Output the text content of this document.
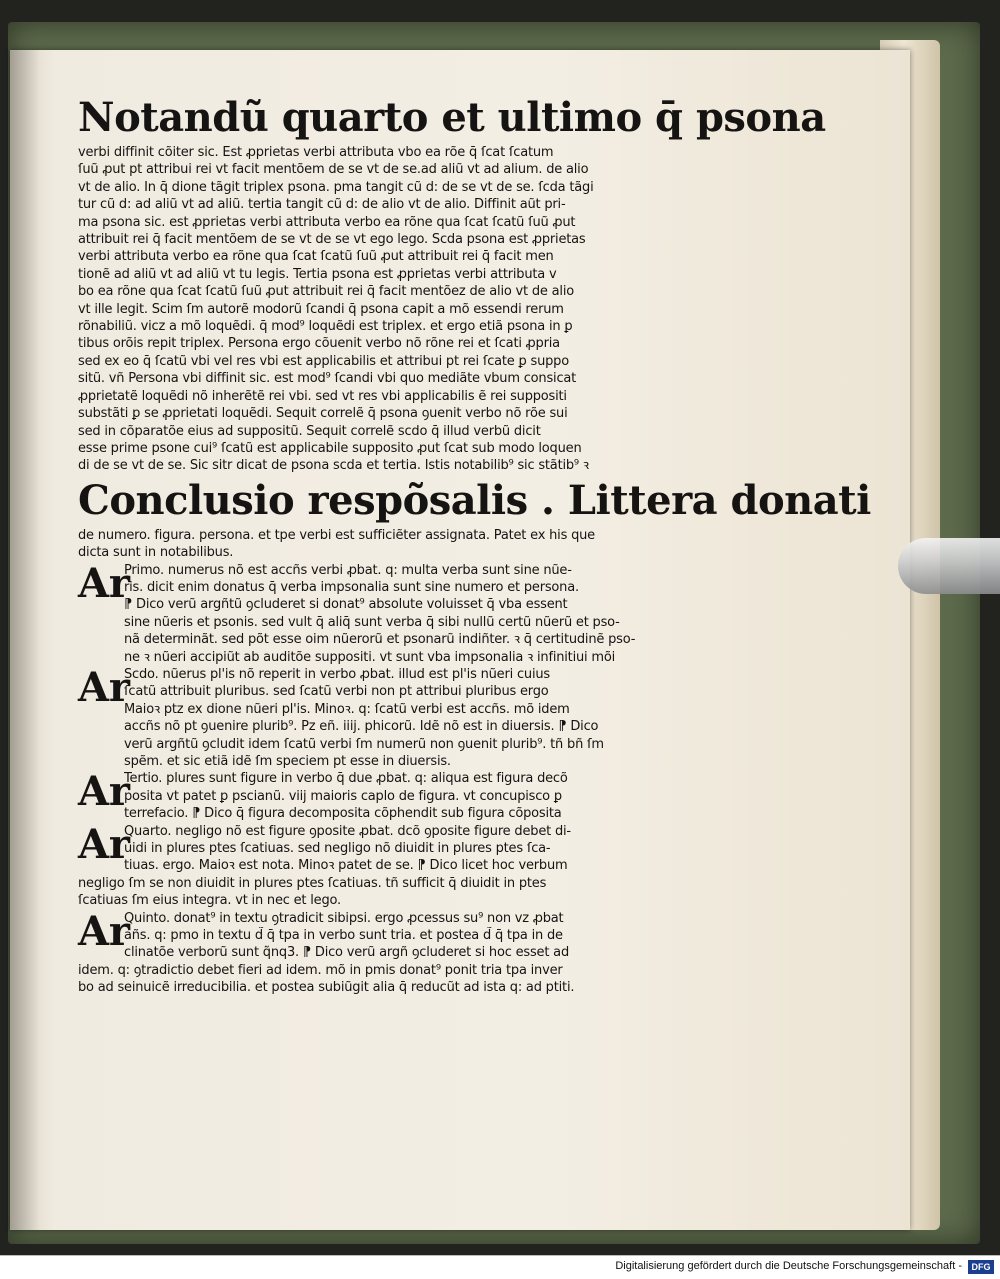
Notandũ quarto et ultimo q̄ psona
verbi diffinit cõiter sic. Est ꝓprietas verbi attributa vbo ea rõe q̄ ſcat ſcatum
ſuũ ꝓut pt attribui rei vt facit mentõem de se vt de se.ad aliũ vt ad alium. de alio
vt de alio. In q̄ dione tãgit triplex psona. pma tangit cũ d: de se vt de se. ſcda tãgi
tur cũ d: ad aliũ vt ad aliũ. tertia tangit cũ d: de alio vt de alio. Diffinit aũt pri-
ma psona sic. est ꝓprietas verbi attributa verbo ea rõne qua ſcat ſcatũ ſuũ ꝓut
attribuit rei q̄ facit mentõem de se vt de se vt ego lego. Scda psona est ꝓprietas
verbi attributa verbo ea rõne qua ſcat ſcatũ ſuũ ꝓut attribuit rei q̄ facit men
tionẽ ad aliũ vt ad aliũ vt tu legis. Tertia psona est ꝓprietas verbi attributa v
bo ea rõne qua ſcat ſcatũ ſuũ ꝓut attribuit rei q̄ facit mentõez de alio vt de alio
vt ille legit. Scim ſm autorẽ modorũ ſcandi q̄ psona capit a mõ essendi rerum
rõnabiliũ. vicz a mõ loquẽdi. q̄ mod⁹ loquẽdi est triplex. et ergo etiã psona in ꝑ
tibus orõis repit triplex. Persona ergo cõuenit verbo nõ rõne rei et ſcati ꝓpria
sed ex eo q̄ ſcatũ vbi vel res vbi est applicabilis et attribui pt rei ſcate ꝑ suppo
sitũ. vñ Persona vbi diffinit sic. est mod⁹ ſcandi vbi quo mediãte vbum consicat
ꝓprietatẽ loquẽdi nõ inherẽtẽ rei vbi. sed vt res vbi applicabilis ẽ rei suppositi
substãti ꝑ se ꝓprietati loquẽdi. Sequit correlẽ q̄ psona ꝯuenit verbo nõ rõe sui
sed in cõparatõe eius ad suppositũ. Sequit correlẽ scdo q̄ illud verbũ dicit
esse prime psone cui⁹ ſcatũ est applicabile supposito ꝓut ſcat sub modo loquen
di de se vt de se. Sic sitr dicat de psona scda et tertia. Istis notabilib⁹ sic stãtib⁹ ꝛ
Conclusio respõsalis . Littera donati
de numero. figura. persona. et tpe verbi est sufficiẽter assignata. Patet ex his que
dicta sunt in notabilibus.
Ar
Primo. numerus nõ est accñs verbi ꝓbat. q: multa verba sunt sine nũe-
ris. dicit enim donatus q̄ verba impsonalia sunt sine numero et persona.
⁋ Dico verũ argñtũ ꝯcluderet si donat⁹ absolute voluisset q̄ vba essent
sine nũeris et psonis. sed vult q̄ aliq̄ sunt verba q̄ sibi nullũ certũ nũerũ et pso-
nã determinãt. sed põt esse oim nũerorũ et psonarũ indiñter. ꝛ q̄ certitudinẽ pso-
ne ꝛ nũeri accipiũt ab auditõe suppositi. vt sunt vba impsonalia ꝛ infinitiui mõi
Ar
Scdo. nũerus pl'is nõ reperit in verbo ꝓbat. illud est pl'is nũeri cuius
ſcatũ attribuit pluribus. sed ſcatũ verbi non pt attribui pluribus ergo
Maioꝛ ptz ex dione nũeri pl'is. Minoꝛ. q: ſcatũ verbi est accñs. mõ idem
accñs nõ pt ꝯuenire plurib⁹. Pz eñ. iiij. phicorũ. Idẽ nõ est in diuersis. ⁋ Dico
verũ argñtũ ꝯcludit idem ſcatũ verbi ſm numerũ non ꝯuenit plurib⁹. tñ bñ ſm
spẽm. et sic etiã idẽ ſm speciem pt esse in diuersis.
Ar
Tertio. plures sunt figure in verbo q̄ due ꝓbat. q: aliqua est figura decõ
posita vt patet ꝑ pscianũ. viij maioris caplo de figura. vt concupisco ꝑ
terrefacio. ⁋ Dico q̄ figura decomposita cõphendit sub figura cõposita
Ar
Quarto. negligo nõ est figure ꝯposite ꝓbat. dcõ ꝯposite figure debet di-
uidi in plures ptes ſcatiuas. sed negligo nõ diuidit in plures ptes ſca-
tiuas. ergo. Maioꝛ est nota. Minoꝛ patet de se. ⁋ Dico licet hoc verbum
negligo ſm se non diuidit in plures ptes ſcatiuas. tñ sufficit q̄ diuidit in ptes
ſcatiuas ſm eius integra. vt in nec et lego.
Ar
Quinto. donat⁹ in textu ꝯtradicit sibipsi. ergo ꝓcessus su⁹ non vz ꝓbat
añs. q: pmo in textu d̃ q̄ tpa in verbo sunt tria. et postea d̃ q̄ tpa in de
clinatõe verborũ sunt q̃nq3. ⁋ Dico verũ argñ ꝯcluderet si hoc esset ad
idem. q: ꝯtradictio debet fieri ad idem. mõ in pmis donat⁹ ponit tria tpa inver
bo ad seinuicẽ irreducibilia. et postea subiũgit alia q̄ reducũt ad ista q: ad ptiti.
Digitalisierung gefördert durch die Deutsche Forschungsgemeinschaft -	DFG
